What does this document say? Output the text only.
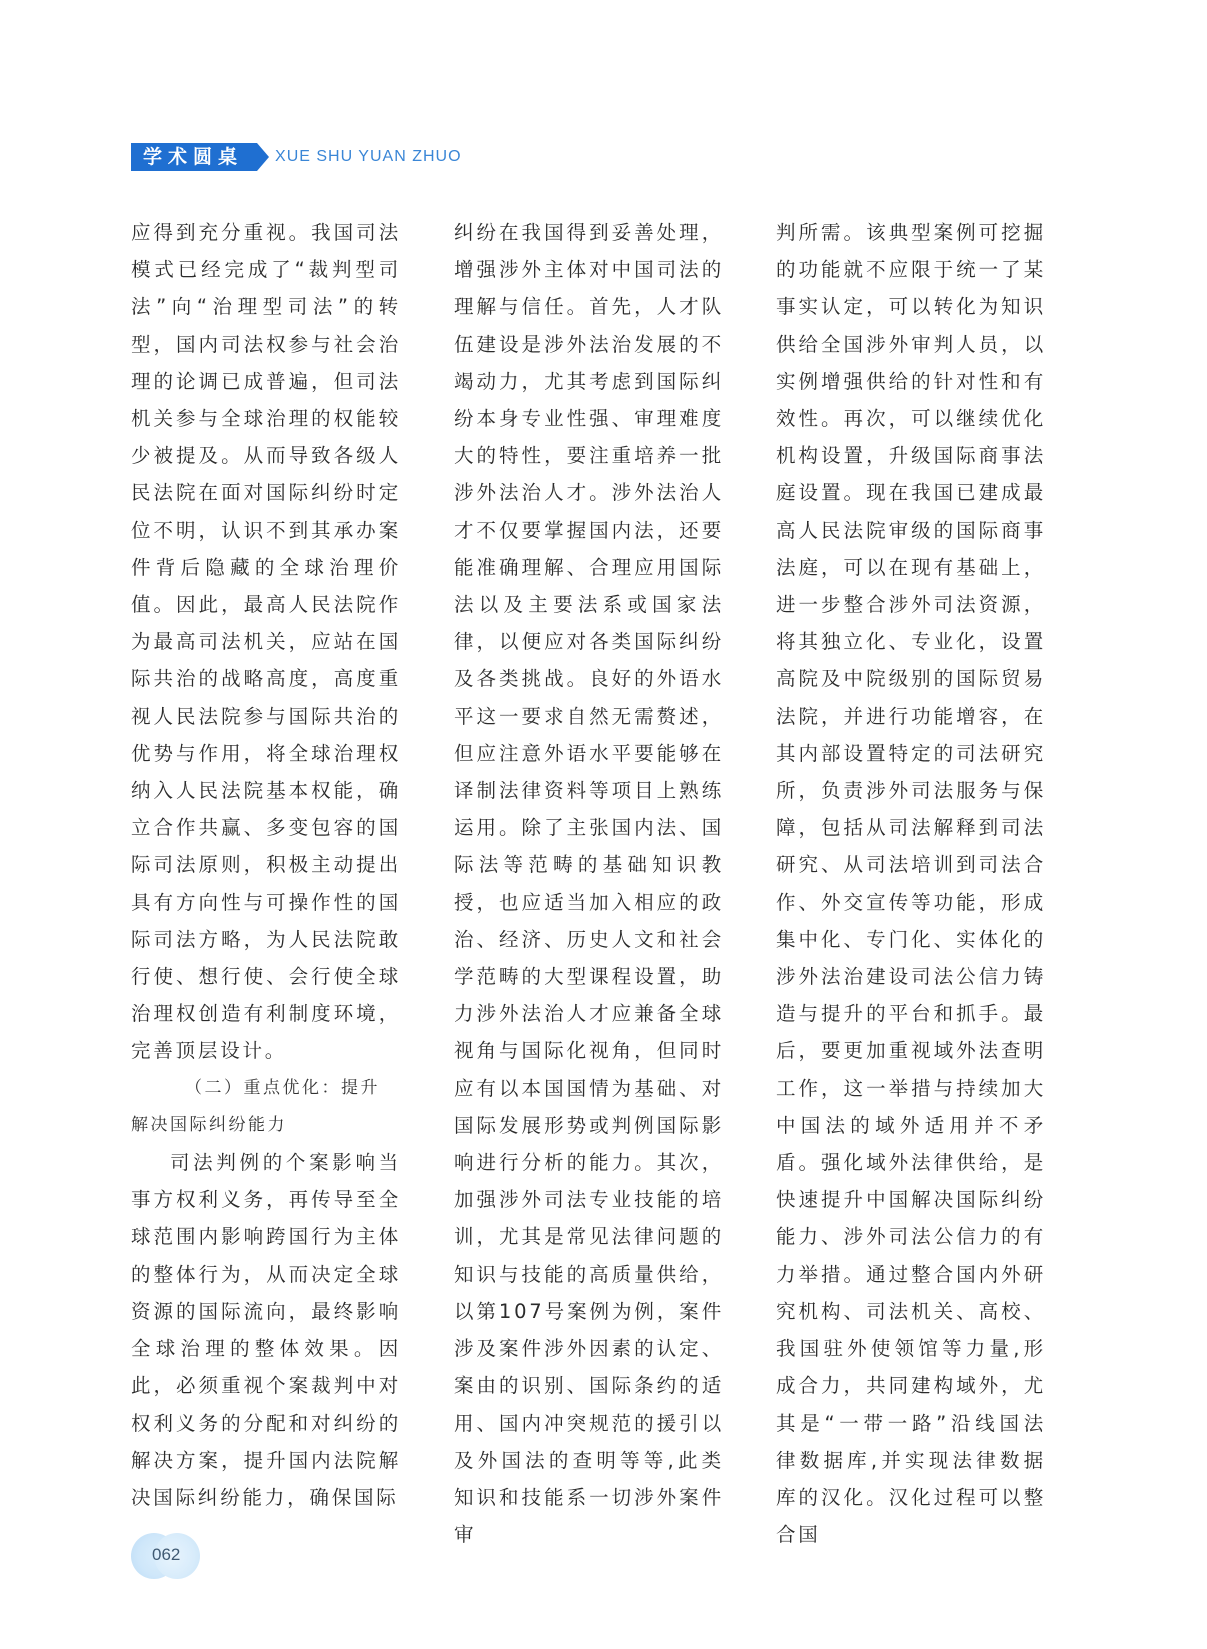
学术圆桌	XUE SHU YUAN ZHUO

应得到充分重视。我国司法模式已经完成了“裁判型司法”向“治理型司法”的转型，国内司法权参与社会治理的论调已成普遍，但司法机关参与全球治理的权能较少被提及。从而导致各级人民法院在面对国际纠纷时定位不明，认识不到其承办案件背后隐藏的全球治理价值。因此，最高人民法院作为最高司法机关，应站在国际共治的战略高度，高度重视人民法院参与国际共治的优势与作用，将全球治理权纳入人民法院基本权能，确立合作共赢、多变包容的国际司法原则，积极主动提出具有方向性与可操作性的国际司法方略，为人民法院敢行使、想行使、会行使全球治理权创造有利制度环境，完善顶层设计。

（二）重点优化：提升
解决国际纠纷能力

司法判例的个案影响当事方权利义务，再传导至全球范围内影响跨国行为主体的整体行为，从而决定全球资源的国际流向，最终影响全球治理的整体效果。因此，必须重视个案裁判中对权利义务的分配和对纠纷的解决方案，提升国内法院解决国际纠纷能力，确保国际

纠纷在我国得到妥善处理，增强涉外主体对中国司法的理解与信任。首先，人才队伍建设是涉外法治发展的不竭动力，尤其考虑到国际纠纷本身专业性强、审理难度大的特性，要注重培养一批涉外法治人才。涉外法治人才不仅要掌握国内法，还要能准确理解、合理应用国际法以及主要法系或国家法律，以便应对各类国际纠纷及各类挑战。良好的外语水平这一要求自然无需赘述，但应注意外语水平要能够在译制法律资料等项目上熟练运用。除了主张国内法、国际法等范畴的基础知识教授，也应适当加入相应的政治、经济、历史人文和社会学范畴的大型课程设置，助力涉外法治人才应兼备全球视角与国际化视角，但同时应有以本国国情为基础、对国际发展形势或判例国际影响进行分析的能力。其次，加强涉外司法专业技能的培训，尤其是常见法律问题的知识与技能的高质量供给，以第107号案例为例，案件涉及案件涉外因素的认定、案由的识别、国际条约的适用、国内冲突规范的援引以及外国法的查明等等,此类知识和技能系一切涉外案件审

判所需。该典型案例可挖掘的功能就不应限于统一了某事实认定，可以转化为知识供给全国涉外审判人员，以实例增强供给的针对性和有效性。再次，可以继续优化机构设置，升级国际商事法庭设置。现在我国已建成最高人民法院审级的国际商事法庭，可以在现有基础上，进一步整合涉外司法资源，将其独立化、专业化，设置高院及中院级别的国际贸易法院，并进行功能增容，在其内部设置特定的司法研究所，负责涉外司法服务与保障，包括从司法解释到司法研究、从司法培训到司法合作、外交宣传等功能，形成集中化、专门化、实体化的涉外法治建设司法公信力铸造与提升的平台和抓手。最后，要更加重视域外法查明工作，这一举措与持续加大中国法的域外适用并不矛盾。强化域外法律供给，是快速提升中国解决国际纠纷能力、涉外司法公信力的有力举措。通过整合国内外研究机构、司法机关、高校、我国驻外使领馆等力量,形成合力，共同建构域外，尤其是“一带一路”沿线国法律数据库,并实现法律数据库的汉化。汉化过程可以整合国

062
